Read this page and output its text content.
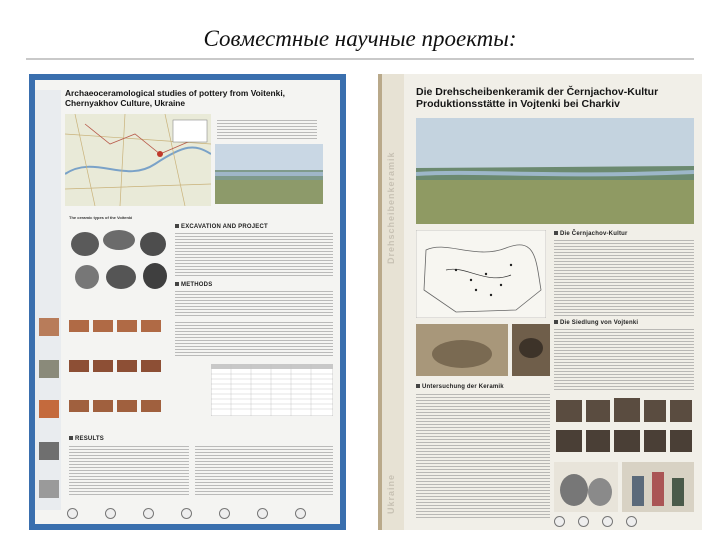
Совместные научные проекты:
Archaeoceramological studies of pottery from Voitenki, Chernyakhov Culture, Ukraine
The ceramic types of the Voitenki
EXCAVATION AND PROJECT
METHODS
RESULTS
Drehscheibenkeramik
Ukraine
Die Drehscheibenkeramik der Černjachov-Kultur
Produktionsstätte in Vojtenki bei Charkiv
Die Černjachov-Kultur
Die Siedlung von Vojtenki
Untersuchung der Keramik
